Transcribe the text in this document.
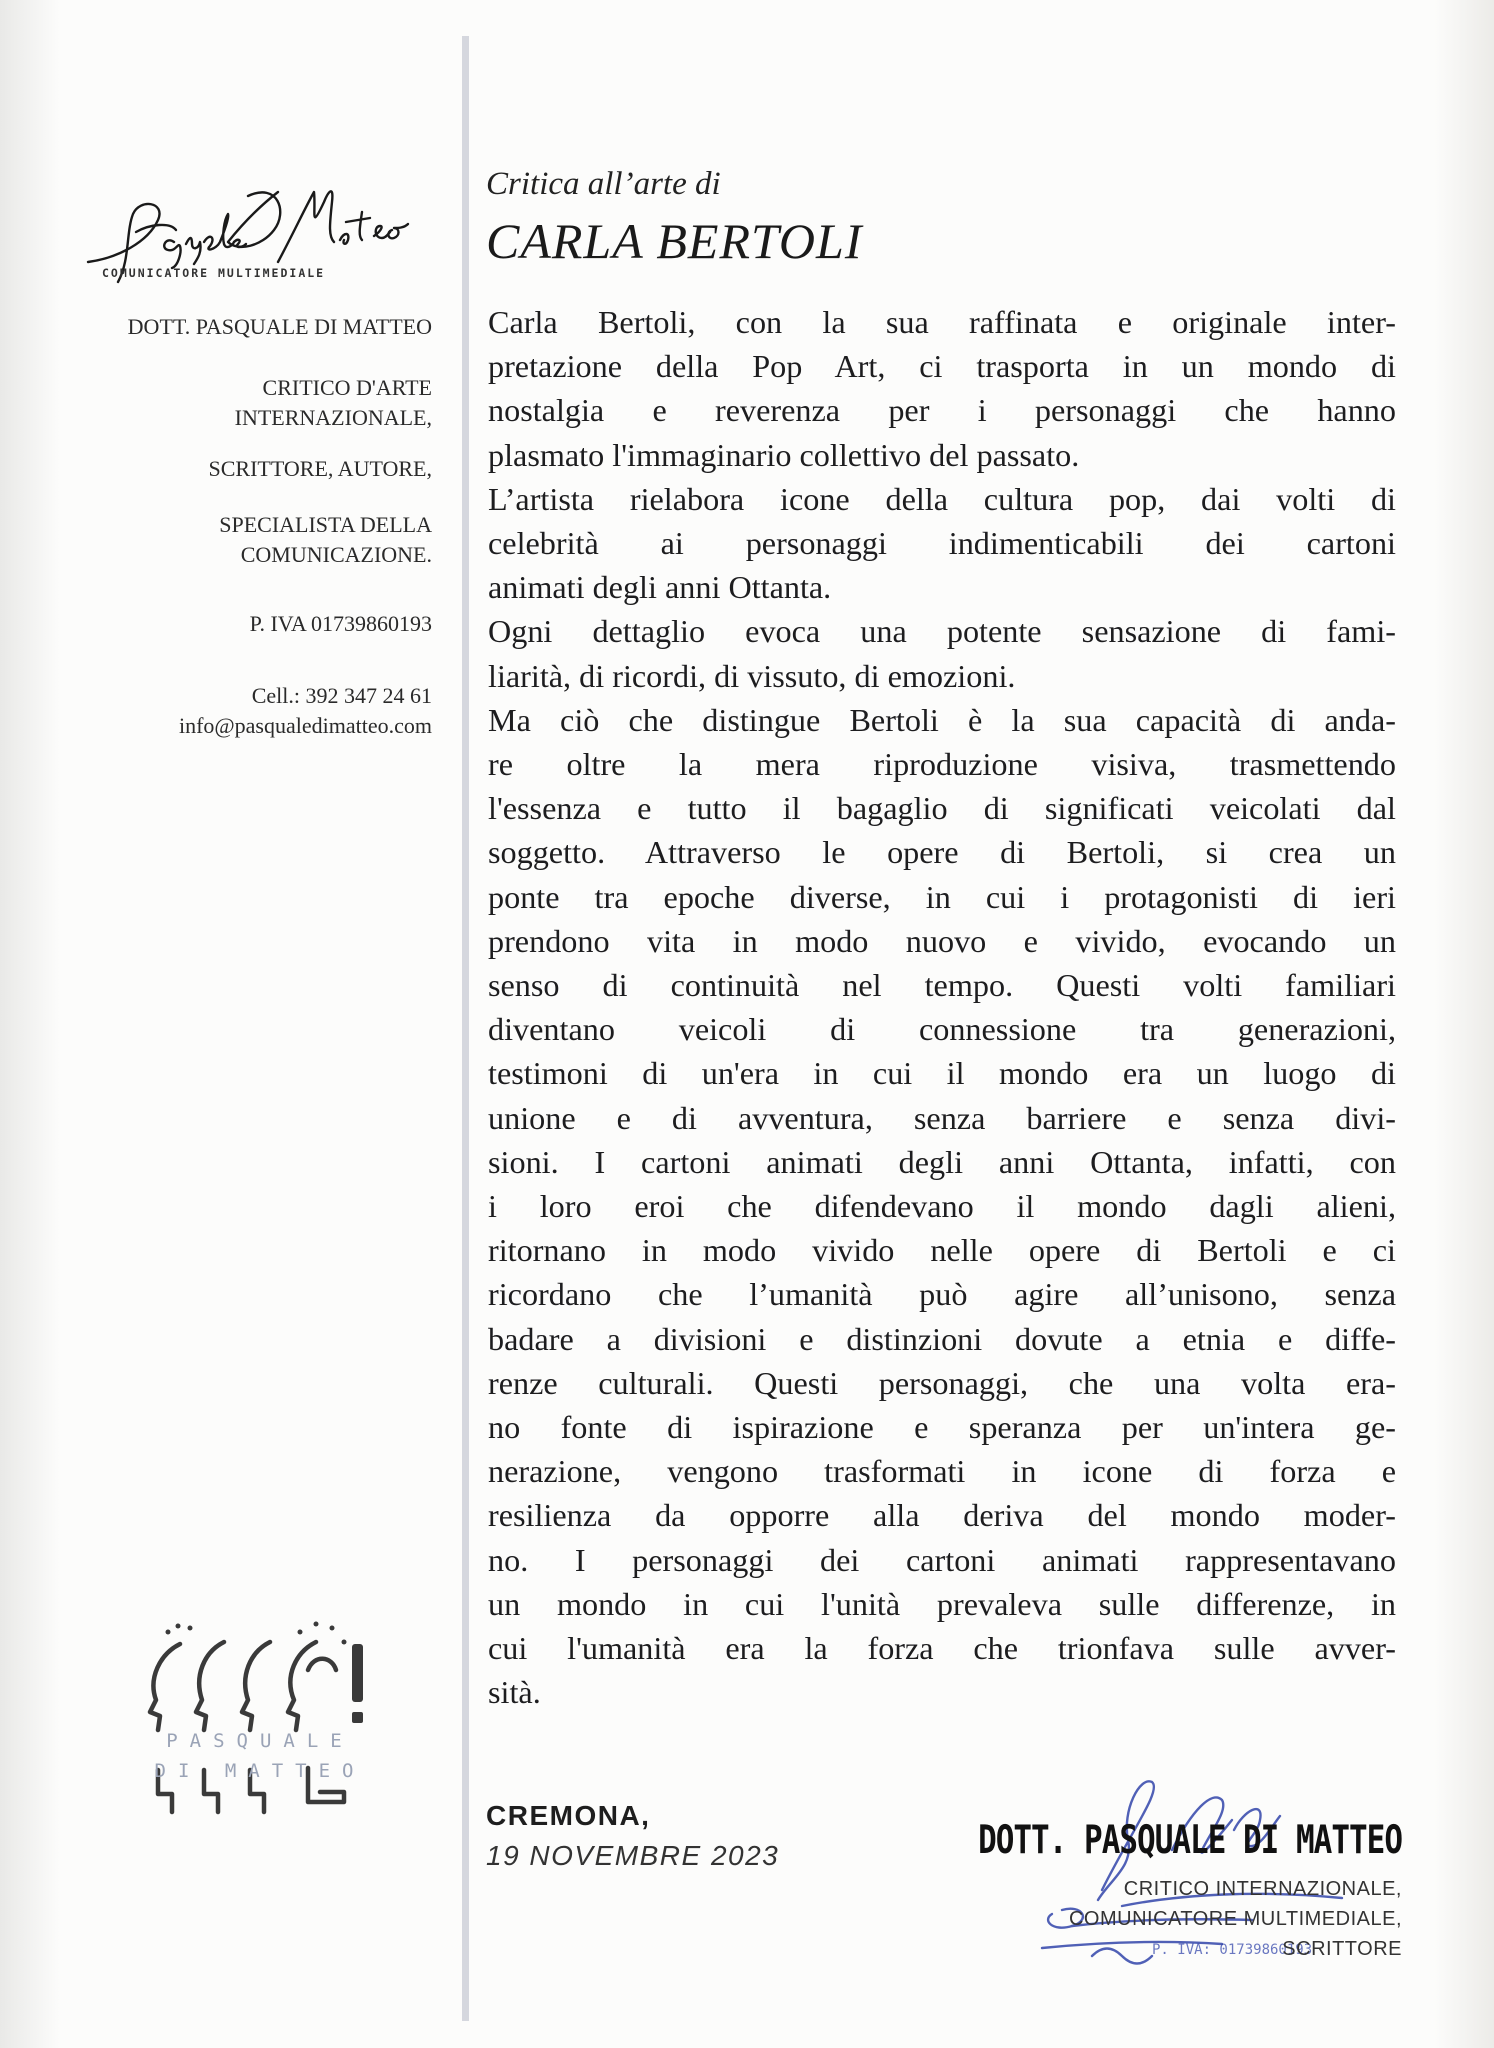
COMUNICATORE MULTIMEDIALE
DOTT. PASQUALE DI MATTEO
CRITICO D'ARTE
INTERNAZIONALE,
SCRITTORE, AUTORE,
SPECIALISTA DELLA
COMUNICAZIONE.
P. IVA 01739860193
Cell.: 392 347 24 61
info@pasqualedimatteo.com
PASQUALE
DI MATTEO
Critica all’arte di
CARLA BERTOLI
Carla Bertoli, con la sua raffinata e originale inter-
pretazione della Pop Art, ci trasporta in un mondo di
nostalgia e reverenza per i personaggi che hanno
plasmato l'immaginario collettivo del passato.
L’artista rielabora icone della cultura pop, dai volti di
celebrità ai personaggi indimenticabili dei cartoni
animati degli anni Ottanta.
Ogni dettaglio evoca una potente sensazione di fami-
liarità, di ricordi, di vissuto, di emozioni.
Ma ciò che distingue Bertoli è la sua capacità di anda-
re oltre la mera riproduzione visiva, trasmettendo
l'essenza e tutto il bagaglio di significati veicolati dal
soggetto. Attraverso le opere di Bertoli, si crea un
ponte tra epoche diverse, in cui i protagonisti di ieri
prendono vita in modo nuovo e vivido, evocando un
senso di continuità nel tempo. Questi volti familiari
diventano veicoli di connessione tra generazioni,
testimoni di un'era in cui il mondo era un luogo di
unione e di avventura, senza barriere e senza divi-
sioni. I cartoni animati degli anni Ottanta, infatti, con
i loro eroi che difendevano il mondo dagli alieni,
ritornano in modo vivido nelle opere di Bertoli e ci
ricordano che l’umanità può agire all’unisono, senza
badare a divisioni e distinzioni dovute a etnia e diffe-
renze culturali. Questi personaggi, che una volta era-
no fonte di ispirazione e speranza per un'intera ge-
nerazione, vengono trasformati in icone di forza e
resilienza da opporre alla deriva del mondo moder-
no. I personaggi dei cartoni animati rappresentavano
un mondo in cui l'unità prevaleva sulle differenze, in
cui l'umanità era la forza che trionfava sulle avver-
sità.
CREMONA,
19 NOVEMBRE 2023
P. IVA: 01739860193
DOTT. PASQUALE DI MATTEO
CRITICO INTERNAZIONALE,
COMUNICATORE MULTIMEDIALE,
SCRITTORE
